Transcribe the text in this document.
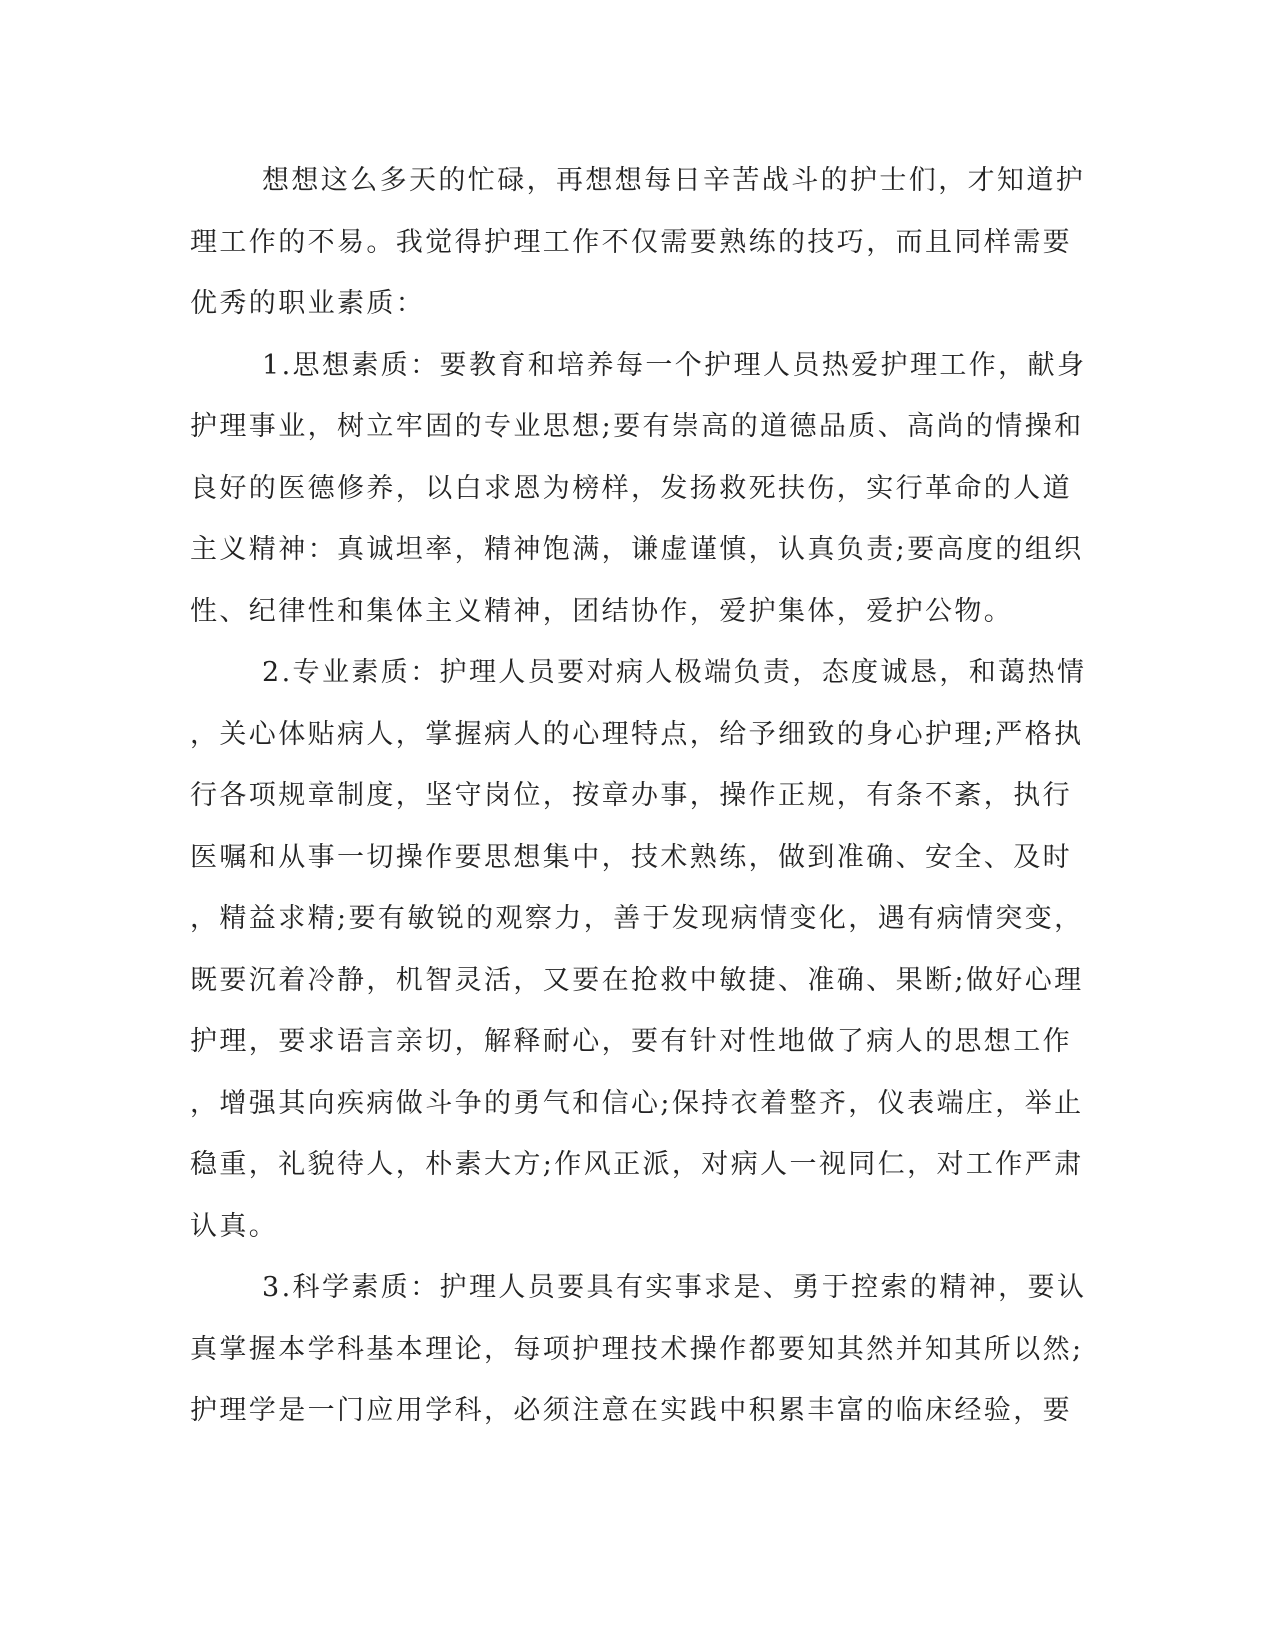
想想这么多天的忙碌，再想想每日辛苦战斗的护士们，才知道护
理工作的不易。我觉得护理工作不仅需要熟练的技巧，而且同样需要
优秀的职业素质：
1.思想素质：要教育和培养每一个护理人员热爱护理工作，献身
护理事业，树立牢固的专业思想;要有崇高的道德品质、高尚的情操和
良好的医德修养，以白求恩为榜样，发扬救死扶伤，实行革命的人道
主义精神：真诚坦率，精神饱满，谦虚谨慎，认真负责;要高度的组织
性、纪律性和集体主义精神，团结协作，爱护集体，爱护公物。
2.专业素质：护理人员要对病人极端负责，态度诚恳，和蔼热情
，关心体贴病人，掌握病人的心理特点，给予细致的身心护理;严格执
行各项规章制度，坚守岗位，按章办事，操作正规，有条不紊，执行
医嘱和从事一切操作要思想集中，技术熟练，做到准确、安全、及时
，精益求精;要有敏锐的观察力，善于发现病情变化，遇有病情突变，
既要沉着冷静，机智灵活，又要在抢救中敏捷、准确、果断;做好心理
护理，要求语言亲切，解释耐心，要有针对性地做了病人的思想工作
，增强其向疾病做斗争的勇气和信心;保持衣着整齐，仪表端庄，举止
稳重，礼貌待人，朴素大方;作风正派，对病人一视同仁，对工作严肃
认真。
3.科学素质：护理人员要具有实事求是、勇于控索的精神，要认
真掌握本学科基本理论，每项护理技术操作都要知其然并知其所以然;
护理学是一门应用学科，必须注意在实践中积累丰富的临床经验，要
